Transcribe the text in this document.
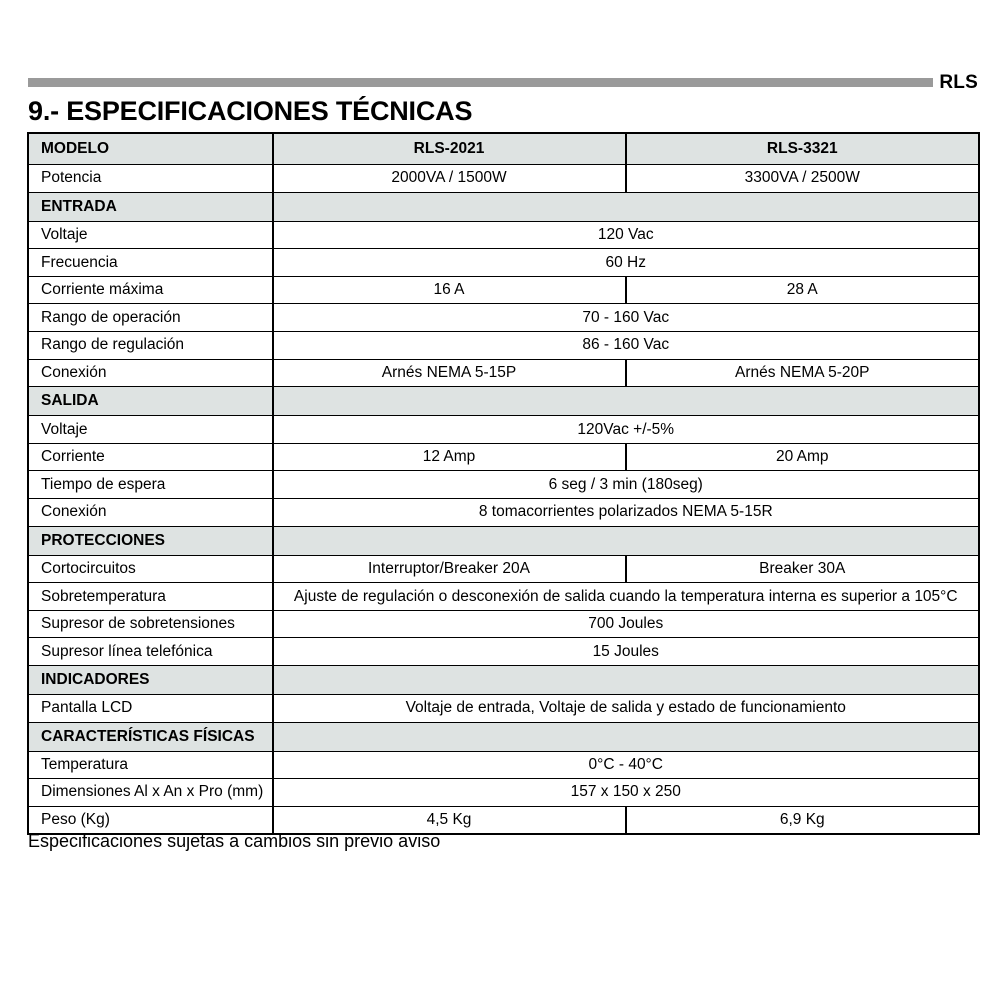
RLS
9.- ESPECIFICACIONES TÉCNICAS
MODELO	RLS-2021	RLS-3321
Potencia	2000VA / 1500W	3300VA / 2500W
ENTRADA		
Voltaje	120 Vac	
Frecuencia	60 Hz	
Corriente máxima	16 A	28 A
Rango de operación	70 - 160 Vac	
Rango de regulación	86 - 160 Vac	
Conexión	Arnés NEMA 5-15P	Arnés NEMA 5-20P
SALIDA		
Voltaje	120Vac +/-5%	
Corriente	12 Amp	20 Amp
Tiempo de espera	6 seg / 3 min (180seg)	
Conexión	8 tomacorrientes polarizados NEMA 5-15R	
PROTECCIONES		
Cortocircuitos	Interruptor/Breaker 20A	Breaker 30A
Sobretemperatura	Ajuste de regulación o desconexión de salida cuando la temperatura interna es superior a 105°C	
Supresor de sobretensiones	700 Joules	
Supresor línea telefónica	15 Joules	
INDICADORES		
Pantalla LCD	Voltaje de entrada, Voltaje de salida y estado de funcionamiento	
CARACTERÍSTICAS FÍSICAS		
Temperatura	0°C - 40°C	
Dimensiones Al x An x Pro (mm)	157 x 150 x 250	
Peso (Kg)	4,5 Kg	6,9 Kg
Especificaciones sujetas a cambios sin previo aviso
